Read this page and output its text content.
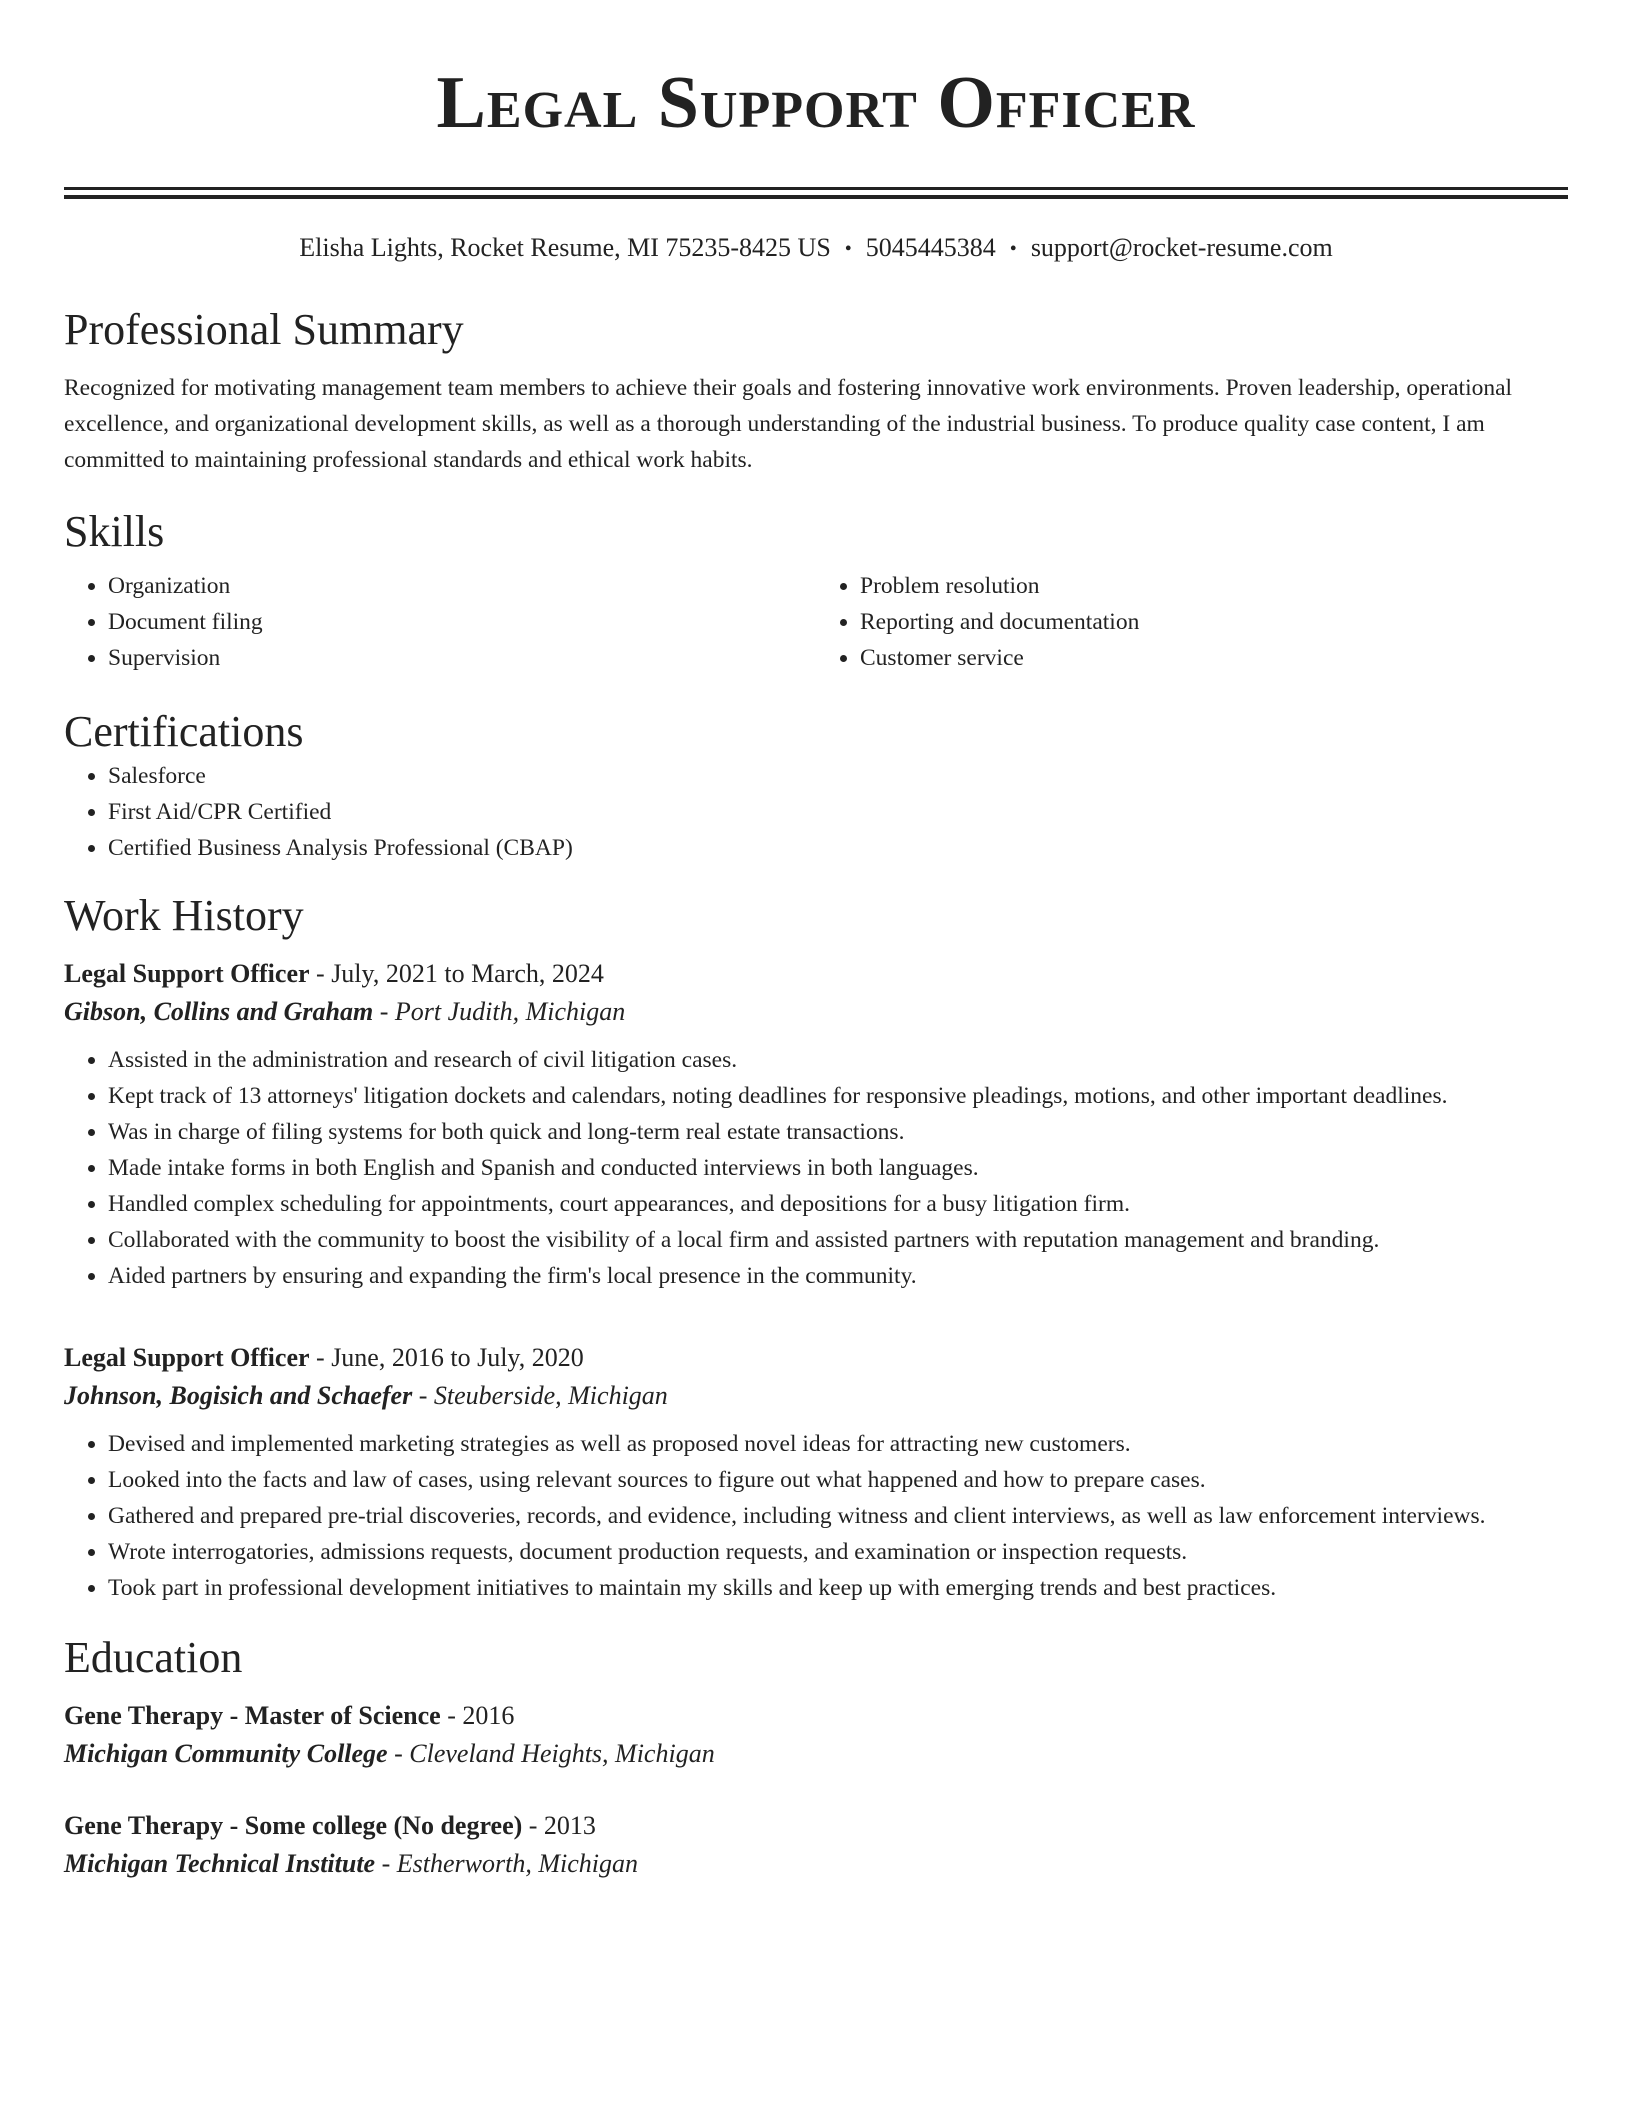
Legal Support Officer
Elisha Lights, Rocket Resume, MI 75235-8425 US • 5045445384 • support@rocket-resume.com
Professional Summary
Recognized for motivating management team members to achieve their goals and fostering innovative work environments. Proven leadership, operational excellence, and organizational development skills, as well as a thorough understanding of the industrial business. To produce quality case content, I am committed to maintaining professional standards and ethical work habits.
Skills
• Organization
• Document filing
• Supervision
• Problem resolution
• Reporting and documentation
• Customer service
Certifications
• Salesforce
• First Aid/CPR Certified
• Certified Business Analysis Professional (CBAP)
Work History
Legal Support Officer - July, 2021 to March, 2024
Gibson, Collins and Graham - Port Judith, Michigan
• Assisted in the administration and research of civil litigation cases.
• Kept track of 13 attorneys' litigation dockets and calendars, noting deadlines for responsive pleadings, motions, and other important deadlines.
• Was in charge of filing systems for both quick and long-term real estate transactions.
• Made intake forms in both English and Spanish and conducted interviews in both languages.
• Handled complex scheduling for appointments, court appearances, and depositions for a busy litigation firm.
• Collaborated with the community to boost the visibility of a local firm and assisted partners with reputation management and branding.
• Aided partners by ensuring and expanding the firm's local presence in the community.
Legal Support Officer - June, 2016 to July, 2020
Johnson, Bogisich and Schaefer - Steuberside, Michigan
• Devised and implemented marketing strategies as well as proposed novel ideas for attracting new customers.
• Looked into the facts and law of cases, using relevant sources to figure out what happened and how to prepare cases.
• Gathered and prepared pre-trial discoveries, records, and evidence, including witness and client interviews, as well as law enforcement interviews.
• Wrote interrogatories, admissions requests, document production requests, and examination or inspection requests.
• Took part in professional development initiatives to maintain my skills and keep up with emerging trends and best practices.
Education
Gene Therapy - Master of Science - 2016
Michigan Community College - Cleveland Heights, Michigan
Gene Therapy - Some college (No degree) - 2013
Michigan Technical Institute - Estherworth, Michigan
